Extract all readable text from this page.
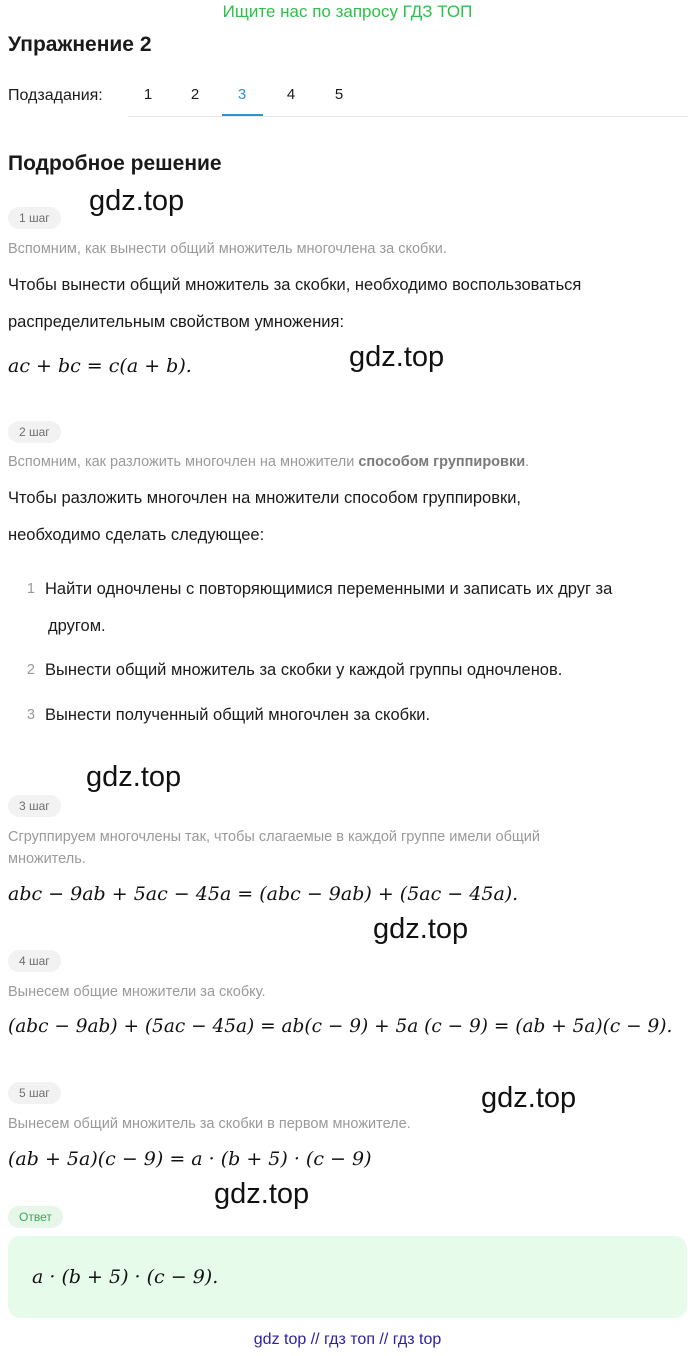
Ищите нас по запросу ГДЗ ТОП
Упражнение 2
Подзадания:	1	2	3	4	5
Подробное решение
1 шаг
gdz.top
Вспомним, как вынести общий множитель многочлена за скобки.
Чтобы вынести общий множитель за скобки, необходимо воспользоваться
распределительным свойством умножения:
ac + bc = c(a + b).	gdz.top
2 шаг
Вспомним, как разложить многочлен на множители способом группировки.
Чтобы разложить многочлен на множители способом группировки,
необходимо сделать следующее:
1 Найти одночлены с повторяющимися переменными и записать их друг за
другом.
2 Вынести общий множитель за скобки у каждой группы одночленов.
3 Вынести полученный общий многочлен за скобки.
gdz.top
3 шаг
Сгруппируем многочлены так, чтобы слагаемые в каждой группе имели общий
множитель.
abc − 9ab + 5ac − 45a = (abc − 9ab) + (5ac − 45a).
gdz.top
4 шаг
Вынесем общие множители за скобку.
(abc − 9ab) + (5ac − 45a) = ab(c − 9) + 5a (c − 9) = (ab + 5a)(c − 9).
5 шаг	gdz.top
Вынесем общий множитель за скобки в первом множителе.
(ab + 5a)(c − 9) = a · (b + 5) · (c − 9)
gdz.top
Ответ
a · (b + 5) · (c − 9).
gdz top // гдз топ // гдз top
